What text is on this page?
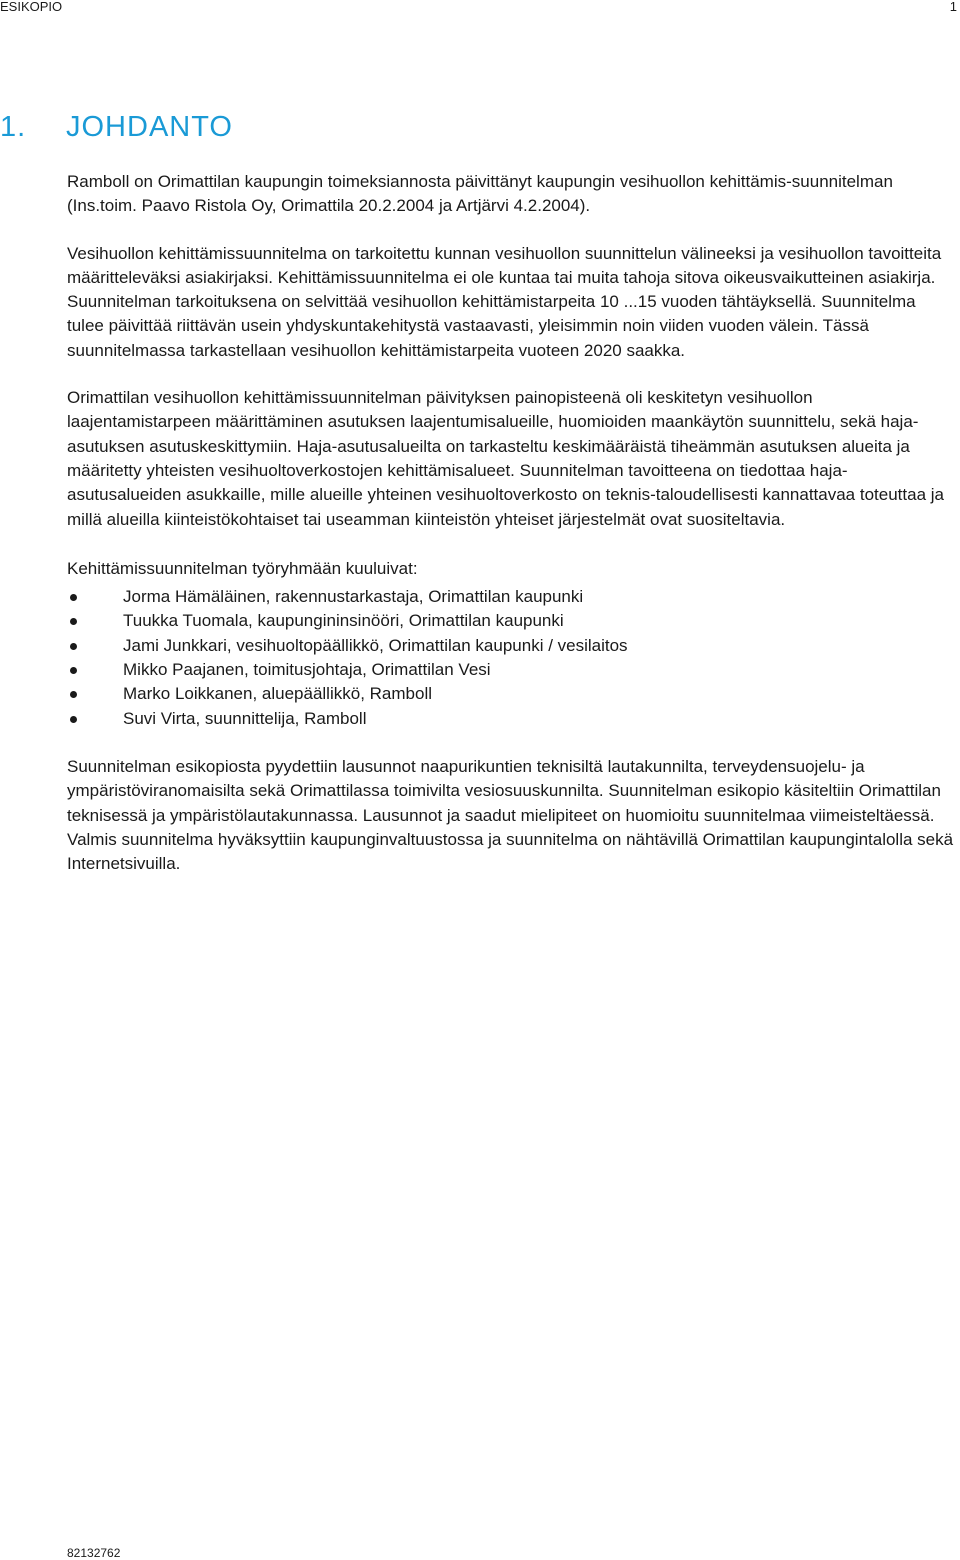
ESIKOPIO	1
1.	JOHDANTO

Ramboll on Orimattilan kaupungin toimeksiannosta päivittänyt kaupungin vesihuollon kehittämis-suunnitelman (Ins.toim. Paavo Ristola Oy, Orimattila 20.2.2004 ja Artjärvi 4.2.2004).

Vesihuollon kehittämissuunnitelma on tarkoitettu kunnan vesihuollon suunnittelun välineeksi ja vesihuollon tavoitteita määritteleväksi asiakirjaksi. Kehittämissuunnitelma ei ole kuntaa tai muita tahoja sitova oikeusvaikutteinen asiakirja. Suunnitelman tarkoituksena on selvittää vesihuollon kehittämistarpeita 10 ...15 vuoden tähtäyksellä. Suunnitelma tulee päivittää riittävän usein yhdyskuntakehitystä vastaavasti, yleisimmin noin viiden vuoden välein. Tässä suunnitelmassa tarkastellaan vesihuollon kehittämistarpeita vuoteen 2020 saakka.

Orimattilan vesihuollon kehittämissuunnitelman päivityksen painopisteenä oli keskitetyn vesihuollon laajentamistarpeen määrittäminen asutuksen laajentumisalueille, huomioiden maankäytön suunnittelu, sekä haja-asutuksen asutuskeskittymiin. Haja-asutusalueilta on tarkasteltu keskimääräistä tiheämmän asutuksen alueita ja määritetty yhteisten vesihuoltoverkostojen kehittämisalueet. Suunnitelman tavoitteena on tiedottaa haja-asutusalueiden asukkaille, mille alueille yhteinen vesihuoltoverkosto on teknis-taloudellisesti kannattavaa toteuttaa ja millä alueilla kiinteistökohtaiset tai useamman kiinteistön yhteiset järjestelmät ovat suositeltavia.

Kehittämissuunnitelman työryhmään kuuluivat:

Jorma Hämäläinen, rakennustarkastaja, Orimattilan kaupunki
Tuukka Tuomala, kaupungininsinööri, Orimattilan kaupunki
Jami Junkkari, vesihuoltopäällikkö, Orimattilan kaupunki / vesilaitos
Mikko Paajanen, toimitusjohtaja, Orimattilan Vesi
Marko Loikkanen, aluepäällikkö, Ramboll
Suvi Virta, suunnittelija, Ramboll

Suunnitelman esikopiosta pyydettiin lausunnot naapurikuntien teknisiltä lautakunnilta, terveydensuojelu- ja ympäristöviranomaisilta sekä Orimattilassa toimivilta vesiosuuskunnilta. Suunnitelman esikopio käsiteltiin Orimattilan teknisessä ja ympäristölautakunnassa. Lausunnot ja saadut mielipiteet on huomioitu suunnitelmaa viimeisteltäessä. Valmis suunnitelma hyväksyttiin kaupunginvaltuustossa ja suunnitelma on nähtävillä Orimattilan kaupungintalolla sekä Internetsivuilla.

82132762
